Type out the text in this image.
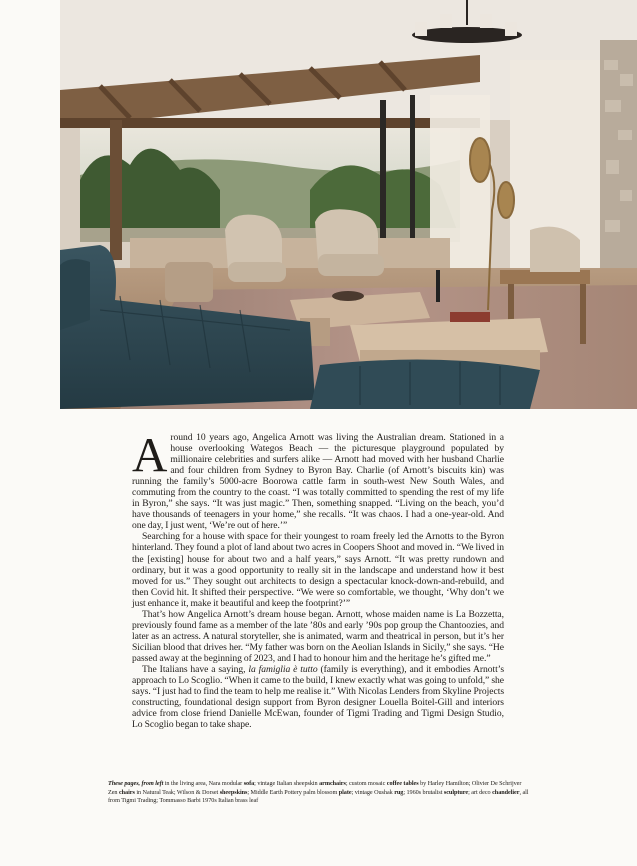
Around 10 years ago, Angelica Arnott was living the Australian dream. Stationed in a house overlooking Wategos Beach — the picturesque playground populated by millionaire celebrities and surfers alike — Arnott had moved with her husband Charlie and four children from Sydney to Byron Bay. Charlie (of Arnott’s biscuits kin) was running the family’s 5000-acre Boorowa cattle farm in south-west New South Wales, and commuting from the country to the coast. “I was totally committed to spending the rest of my life in Byron,” she says. “It was just magic.” Then, something snapped. “Living on the beach, you’d have thousands of teenagers in your home,” she recalls. “It was chaos. I had a one-year-old. And one day, I just went, ‘We’re out of here.’”

Searching for a house with space for their youngest to roam freely led the Arnotts to the Byron hinterland. They found a plot of land about two acres in Coopers Shoot and moved in. “We lived in the [existing] house for about two and a half years,” says Arnott. “It was pretty rundown and ordinary, but it was a good opportunity to really sit in the landscape and understand how it best moved for us.” They sought out architects to design a spectacular knock-down-and-rebuild, and then Covid hit. It shifted their perspective. “We were so comfortable, we thought, ‘Why don’t we just enhance it, make it beautiful and keep the footprint?’”

That’s how Angelica Arnott’s dream house began. Arnott, whose maiden name is La Bozzetta, previously found fame as a member of the late ’80s and early ’90s pop group the Chantoozies, and later as an actress. A natural storyteller, she is animated, warm and theatrical in person, but it’s her Sicilian blood that drives her. “My father was born on the Aeolian Islands in Sicily,” she says. “He passed away at the beginning of 2023, and I had to honour him and the heritage he’s gifted me.”

The Italians have a saying, la famiglia è tutto (family is everything), and it embodies Arnott’s approach to Lo Scoglio. “When it came to the build, I knew exactly what was going to unfold,” she says. “I just had to find the team to help me realise it.” With Nicolas Lenders from Skyline Projects constructing, foundational design support from Byron designer Louella Boitel-Gill and interiors advice from close friend Danielle McEwan, founder of Tigmi Trading and Tigmi Design Studio, Lo Scoglio began to take shape.

These pages, from left in the living area, Nara modular sofa; vintage Italian sheepskin armchairs; custom mosaic coffee tables by Harley Hamilton; Olivier De Schrijver Zen chairs in Natural Teak; Wilson & Dorset sheepskins; Middle Earth Pottery palm blossom plate; vintage Oushak rug; 1960s brutalist sculpture; art deco chandelier, all from Tigmi Trading; Tommasso Barbi 1970s Italian brass leaf
